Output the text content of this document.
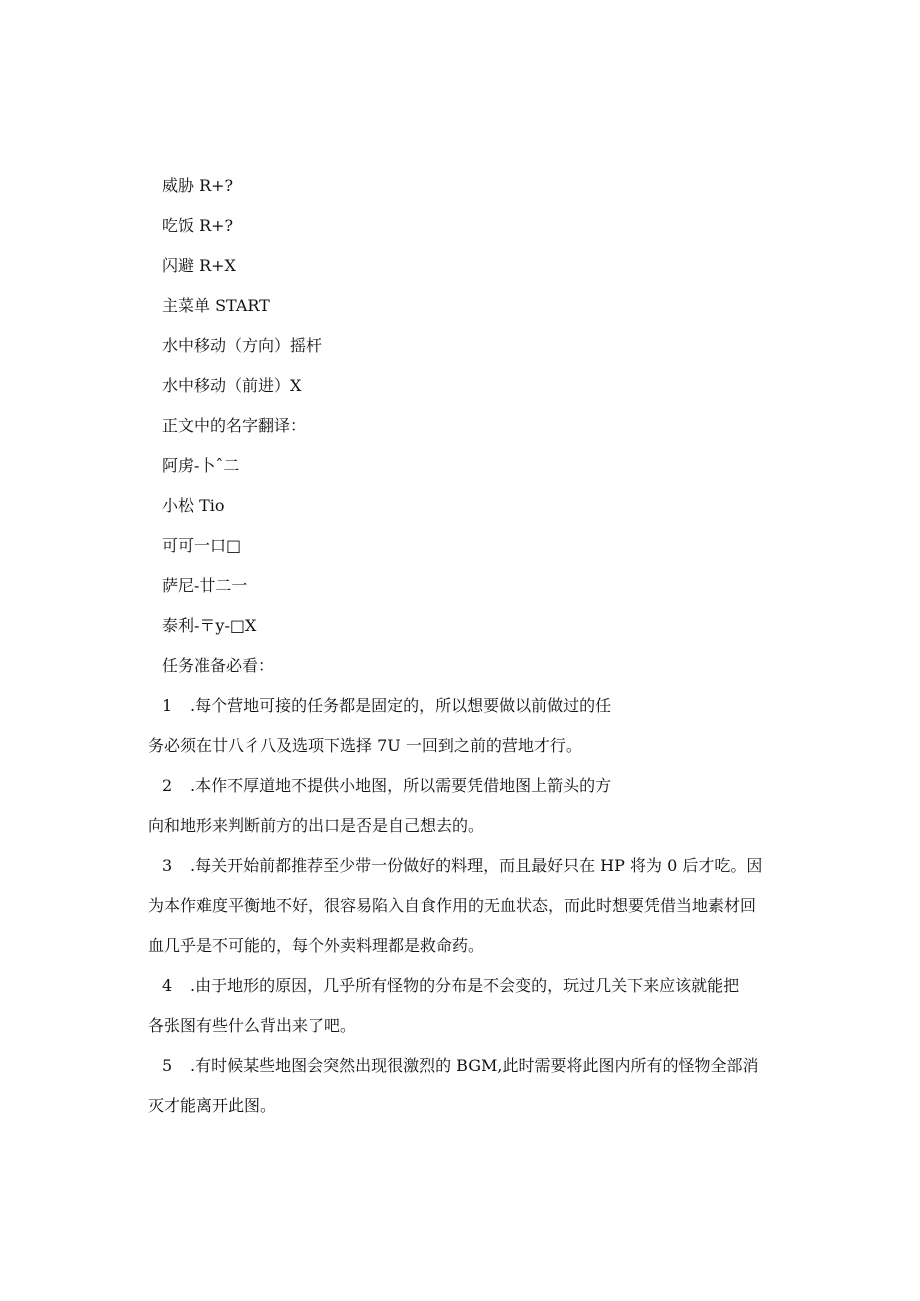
威胁 R+?
吃饭 R+?
闪避 R+X
主菜单 START
水中移动（方向）摇杆
水中移动（前进）X
正文中的名字翻译：
阿虏-卜ˆ二
小松 Tio
可可一口□
萨尼-廿二一
泰利-〒y-□X
任务准备必看：
1 .每个营地可接的任务都是固定的，所以想要做以前做过的任
务必须在廿八彳八及选项下选择 7U 一回到之前的营地才行。
2 .本作不厚道地不提供小地图，所以需要凭借地图上箭头的方
向和地形来判断前方的出口是否是自己想去的。
3 .每关开始前都推荐至少带一份做好的料理，而且最好只在 HP 将为 0 后才吃。因
为本作难度平衡地不好，很容易陷入自食作用的无血状态，而此时想要凭借当地素材回
血几乎是不可能的，每个外卖料理都是救命药。
4 .由于地形的原因，几乎所有怪物的分布是不会变的，玩过几关下来应该就能把
各张图有些什么背出来了吧。
5 .有时候某些地图会突然出现很激烈的 BGM,此时需要将此图内所有的怪物全部消
灭才能离开此图。
